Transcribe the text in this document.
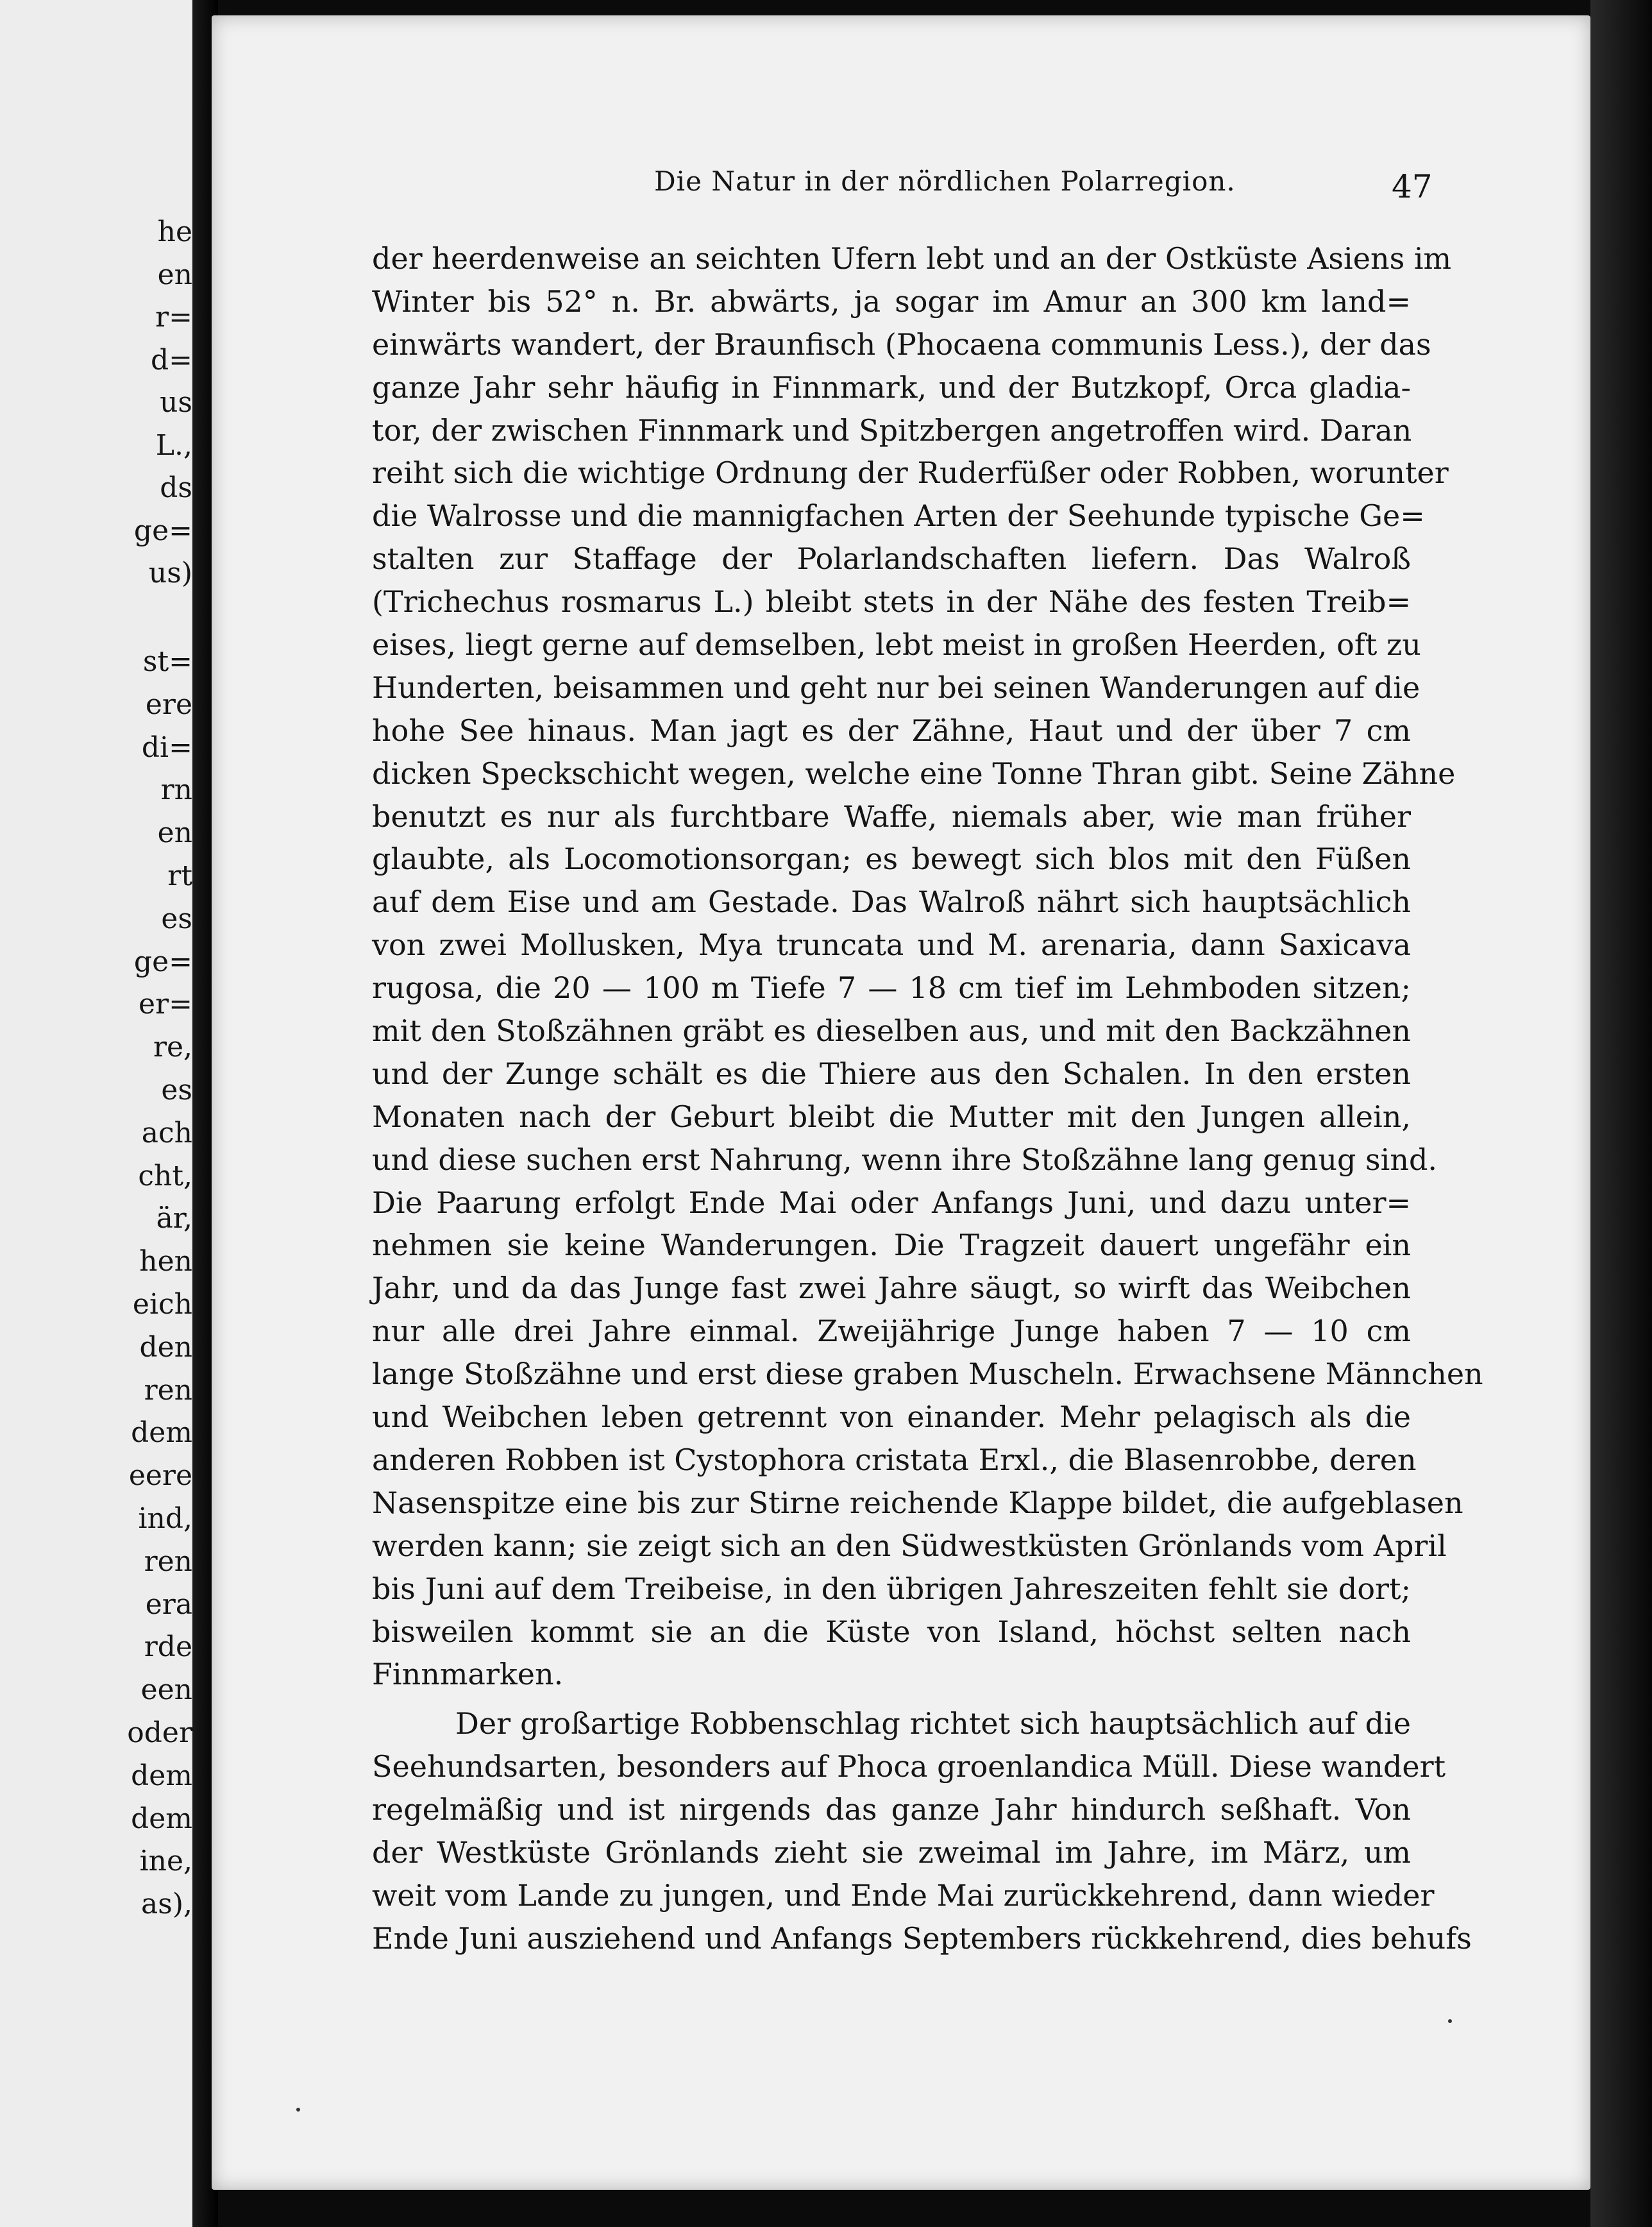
he
en
r=
d=
us
L.,
ds
ge=
us)
st=
ere
di=
rn
en
rt
es
ge=
er=
re,
es
ach
cht,
är,
hen
eich
den
ren
dem
eere
ind,
ren
era
rde
een
oder
dem
dem
ine,
as),
Die Natur in der nördlichen Polarregion.	47
der heerdenweise an seichten Ufern lebt und an der Ostküste Asiens im
Winter bis 52° n. Br. abwärts, ja sogar im Amur an 300 km land=
einwärts wandert, der Braunfisch (Phocaena communis Less.), der das
ganze Jahr sehr häufig in Finnmark, und der Butzkopf, Orca gladia-
tor, der zwischen Finnmark und Spitzbergen angetroffen wird. Daran
reiht sich die wichtige Ordnung der Ruderfüßer oder Robben, worunter
die Walrosse und die mannigfachen Arten der Seehunde typische Ge=
stalten zur Staffage der Polarlandschaften liefern. Das Walroß
(Trichechus rosmarus L.) bleibt stets in der Nähe des festen Treib=
eises, liegt gerne auf demselben, lebt meist in großen Heerden, oft zu
Hunderten, beisammen und geht nur bei seinen Wanderungen auf die
hohe See hinaus. Man jagt es der Zähne, Haut und der über 7 cm
dicken Speckschicht wegen, welche eine Tonne Thran gibt. Seine Zähne
benutzt es nur als furchtbare Waffe, niemals aber, wie man früher
glaubte, als Locomotionsorgan; es bewegt sich blos mit den Füßen
auf dem Eise und am Gestade. Das Walroß nährt sich hauptsächlich
von zwei Mollusken, Mya truncata und M. arenaria, dann Saxicava
rugosa, die 20 — 100 m Tiefe 7 — 18 cm tief im Lehmboden sitzen;
mit den Stoßzähnen gräbt es dieselben aus, und mit den Backzähnen
und der Zunge schält es die Thiere aus den Schalen. In den ersten
Monaten nach der Geburt bleibt die Mutter mit den Jungen allein,
und diese suchen erst Nahrung, wenn ihre Stoßzähne lang genug sind.
Die Paarung erfolgt Ende Mai oder Anfangs Juni, und dazu unter=
nehmen sie keine Wanderungen. Die Tragzeit dauert ungefähr ein
Jahr, und da das Junge fast zwei Jahre säugt, so wirft das Weibchen
nur alle drei Jahre einmal. Zweijährige Junge haben 7 — 10 cm
lange Stoßzähne und erst diese graben Muscheln. Erwachsene Männchen
und Weibchen leben getrennt von einander. Mehr pelagisch als die
anderen Robben ist Cystophora cristata Erxl., die Blasenrobbe, deren
Nasenspitze eine bis zur Stirne reichende Klappe bildet, die aufgeblasen
werden kann; sie zeigt sich an den Südwestküsten Grönlands vom April
bis Juni auf dem Treibeise, in den übrigen Jahreszeiten fehlt sie dort;
bisweilen kommt sie an die Küste von Island, höchst selten nach
Finnmarken.
Der großartige Robbenschlag richtet sich hauptsächlich auf die
Seehundsarten, besonders auf Phoca groenlandica Müll. Diese wandert
regelmäßig und ist nirgends das ganze Jahr hindurch seßhaft. Von
der Westküste Grönlands zieht sie zweimal im Jahre, im März, um
weit vom Lande zu jungen, und Ende Mai zurückkehrend, dann wieder
Ende Juni ausziehend und Anfangs Septembers rückkehrend, dies behufs
